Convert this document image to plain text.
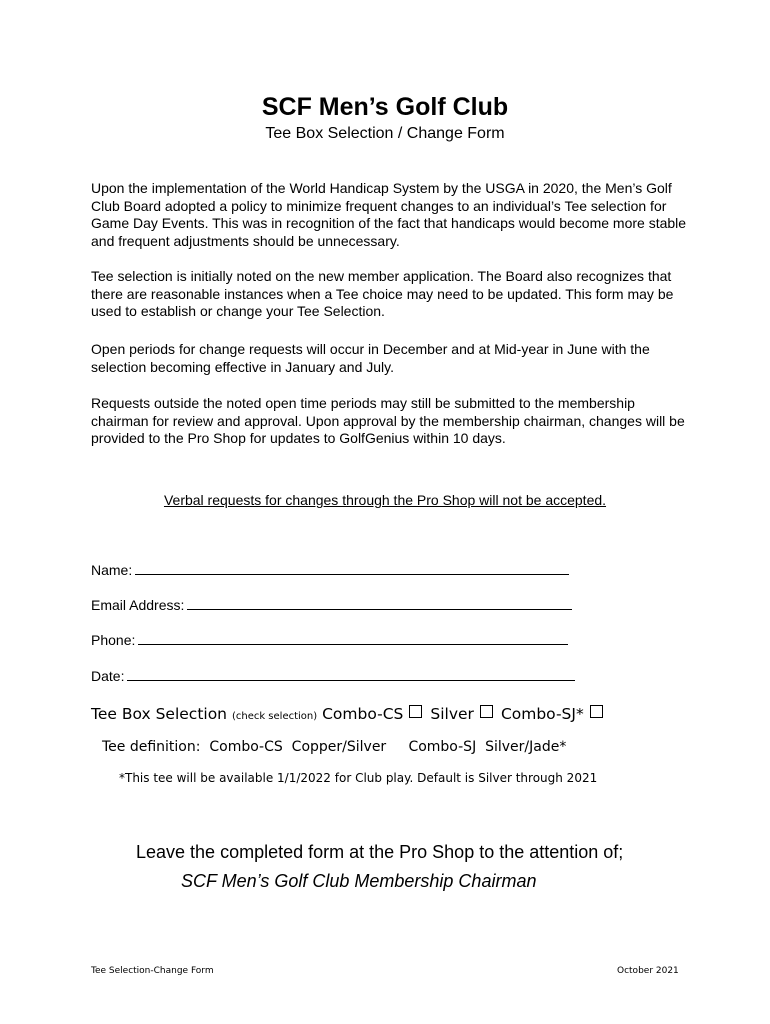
SCF Men’s Golf Club
Tee Box Selection / Change Form
Upon the implementation of the World Handicap System by the USGA in 2020, the Men’s Golf Club Board adopted a policy to minimize frequent changes to an individual’s Tee selection for Game Day Events. This was in recognition of the fact that handicaps would become more stable and frequent adjustments should be unnecessary.
Tee selection is initially noted on the new member application. The Board also recognizes that there are reasonable instances when a Tee choice may need to be updated. This form may be used to establish or change your Tee Selection.
Open periods for change requests will occur in December and at Mid-year in June with the selection becoming effective in January and July.
Requests outside the noted open time periods may still be submitted to the membership chairman for review and approval. Upon approval by the membership chairman, changes will be provided to the Pro Shop for updates to GolfGenius within 10 days.
Verbal requests for changes through the Pro Shop will not be accepted.
Name:
Email Address:
Phone:
Date:
Tee Box Selection (check selection) Combo-CS Silver Combo-SJ*
Tee definition:  Combo-CS  Copper/Silver     Combo-SJ  Silver/Jade*
*This tee will be available 1/1/2022 for Club play. Default is Silver through 2021
Leave the completed form at the Pro Shop to the attention of;
SCF Men’s Golf Club Membership Chairman
Tee Selection-Change Form	October 2021
